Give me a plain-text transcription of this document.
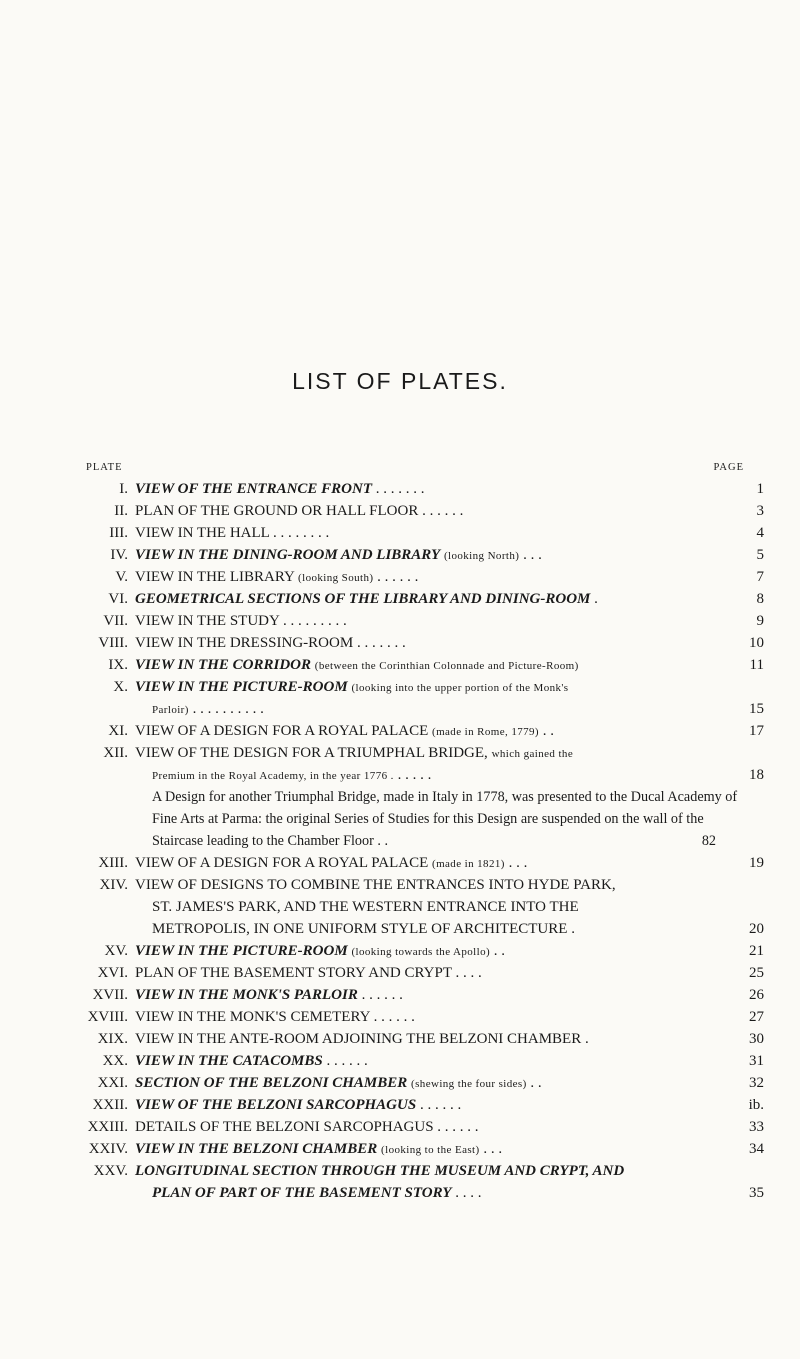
LIST OF PLATES.
PLATE	PAGE
I. VIEW OF THE ENTRANCE FRONT . . . . . . .	1
II. PLAN OF THE GROUND OR HALL FLOOR . . . . . .	3
III. VIEW IN THE HALL . . . . . . . .	4
IV. VIEW IN THE DINING-ROOM AND LIBRARY (looking North) . . .	5
V. VIEW IN THE LIBRARY (looking South) . . . . . .	7
VI. GEOMETRICAL SECTIONS OF THE LIBRARY AND DINING-ROOM .	8
VII. VIEW IN THE STUDY . . . . . . . . .	9
VIII. VIEW IN THE DRESSING-ROOM . . . . . . .	10
IX. VIEW IN THE CORRIDOR (between the Corinthian Colonnade and Picture-Room)	11
X. VIEW IN THE PICTURE-ROOM (looking into the upper portion of the Monk's
Parloir) . . . . . . . . . .	15
XI. VIEW OF A DESIGN FOR A ROYAL PALACE (made in Rome, 1779) . .	17
XII. VIEW OF THE DESIGN FOR A TRIUMPHAL BRIDGE, which gained the
Premium in the Royal Academy, in the year 1776 . . . . . .	18
A Design for another Triumphal Bridge, made in Italy in 1778, was presented to the Ducal Academy of Fine Arts at Parma: the original Series of Studies for this Design are suspended on the wall of the Staircase leading to the Chamber Floor . .	82
XIII. VIEW OF A DESIGN FOR A ROYAL PALACE (made in 1821) . . .	19
XIV. VIEW OF DESIGNS TO COMBINE THE ENTRANCES INTO HYDE PARK,
ST. JAMES'S PARK, AND THE WESTERN ENTRANCE INTO THE
METROPOLIS, IN ONE UNIFORM STYLE OF ARCHITECTURE .	20
XV. VIEW IN THE PICTURE-ROOM (looking towards the Apollo) . .	21
XVI. PLAN OF THE BASEMENT STORY AND CRYPT . . . .	25
XVII. VIEW IN THE MONK'S PARLOIR . . . . . .	26
XVIII. VIEW IN THE MONK'S CEMETERY . . . . . .	27
XIX. VIEW IN THE ANTE-ROOM ADJOINING THE BELZONI CHAMBER .	30
XX. VIEW IN THE CATACOMBS . . . . . .	31
XXI. SECTION OF THE BELZONI CHAMBER (shewing the four sides) . .	32
XXII. VIEW OF THE BELZONI SARCOPHAGUS . . . . . .	ib.
XXIII. DETAILS OF THE BELZONI SARCOPHAGUS . . . . . .	33
XXIV. VIEW IN THE BELZONI CHAMBER (looking to the East) . . .	34
XXV. LONGITUDINAL SECTION THROUGH THE MUSEUM AND CRYPT, AND
PLAN OF PART OF THE BASEMENT STORY . . . .	35
